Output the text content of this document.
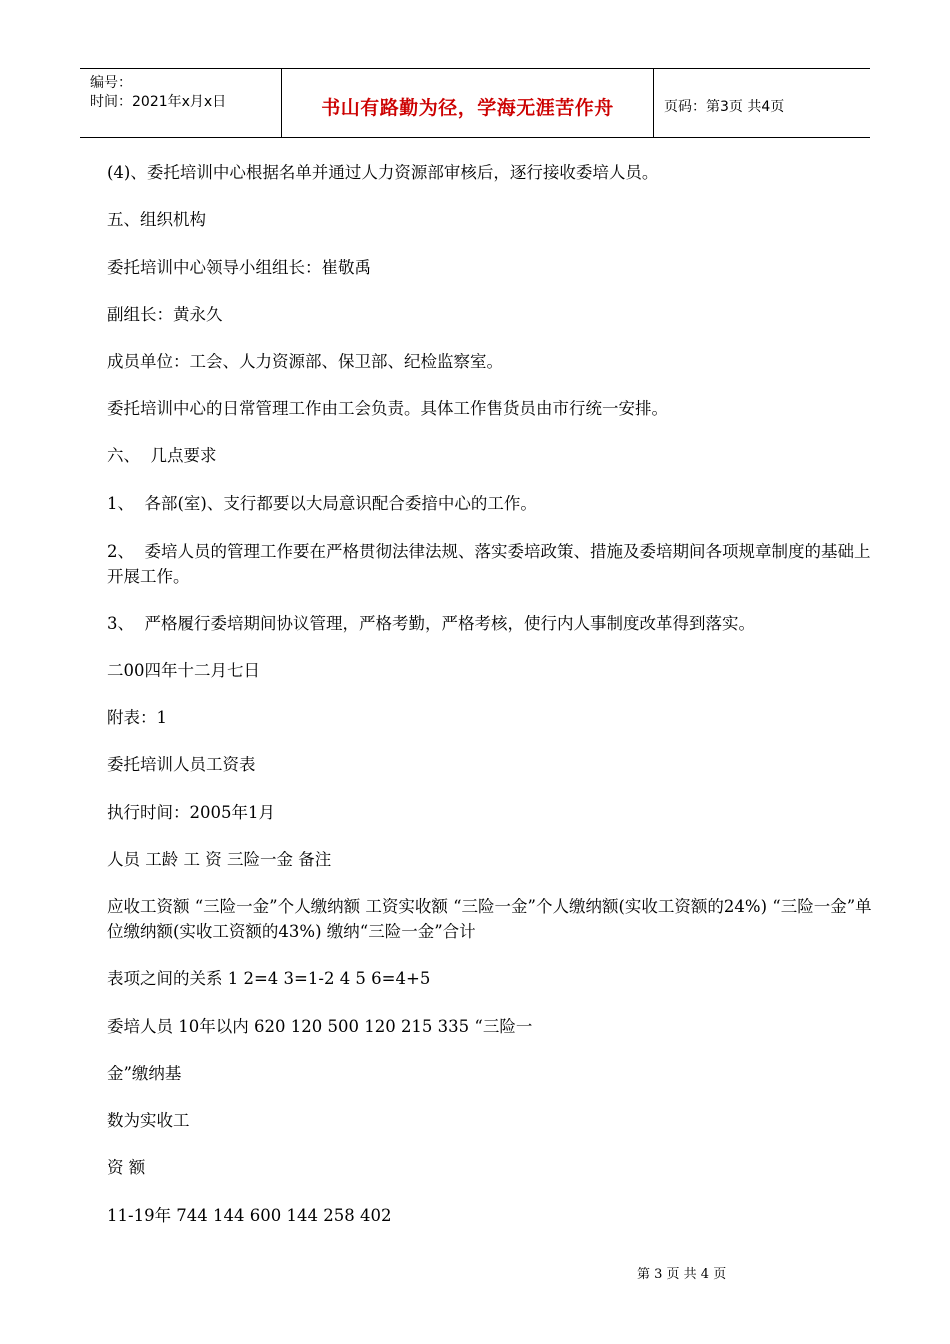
编号：
时间：2021年x月x日	书山有路勤为径，学海无涯苦作舟	页码：第3页 共4页

(4)、委托培训中心根据名单并通过人力资源部审核后，逐行接收委培人员。

五、组织机构

委托培训中心领导小组组长：崔敬禹

副组长：黄永久

成员单位：工会、人力资源部、保卫部、纪检监察室。

委托培训中心的日常管理工作由工会负责。具体工作售货员由市行统一安排。

六、  几点要求

1、  各部(室)、支行都要以大局意识配合委揞中心的工作。

2、  委培人员的管理工作要在严格贯彻法律法规、落实委培政策、措施及委培期间各项规章制度的基础上开展工作。

3、  严格履行委培期间协议管理，严格考勤，严格考核，使行内人事制度改革得到落实。

二00四年十二月七日

附表：1

委托培训人员工资表

执行时间：2005年1月

人员 工龄 工 资 三险一金 备注

应收工资额 “三险一金”个人缴纳额 工资实收额 “三险一金”个人缴纳额(实收工资额的24%) “三险一金”单位缴纳额(实收工资额的43%) 缴纳“三险一金”合计

表项之间的关系 1 2=4 3=1-2 4 5 6=4+5

委培人员 10年以内 620 120 500 120 215 335 “三险一

金”缴纳基

数为实收工

资 额

11-19年 744 144 600 144 258 402

第 3 页 共 4 页
